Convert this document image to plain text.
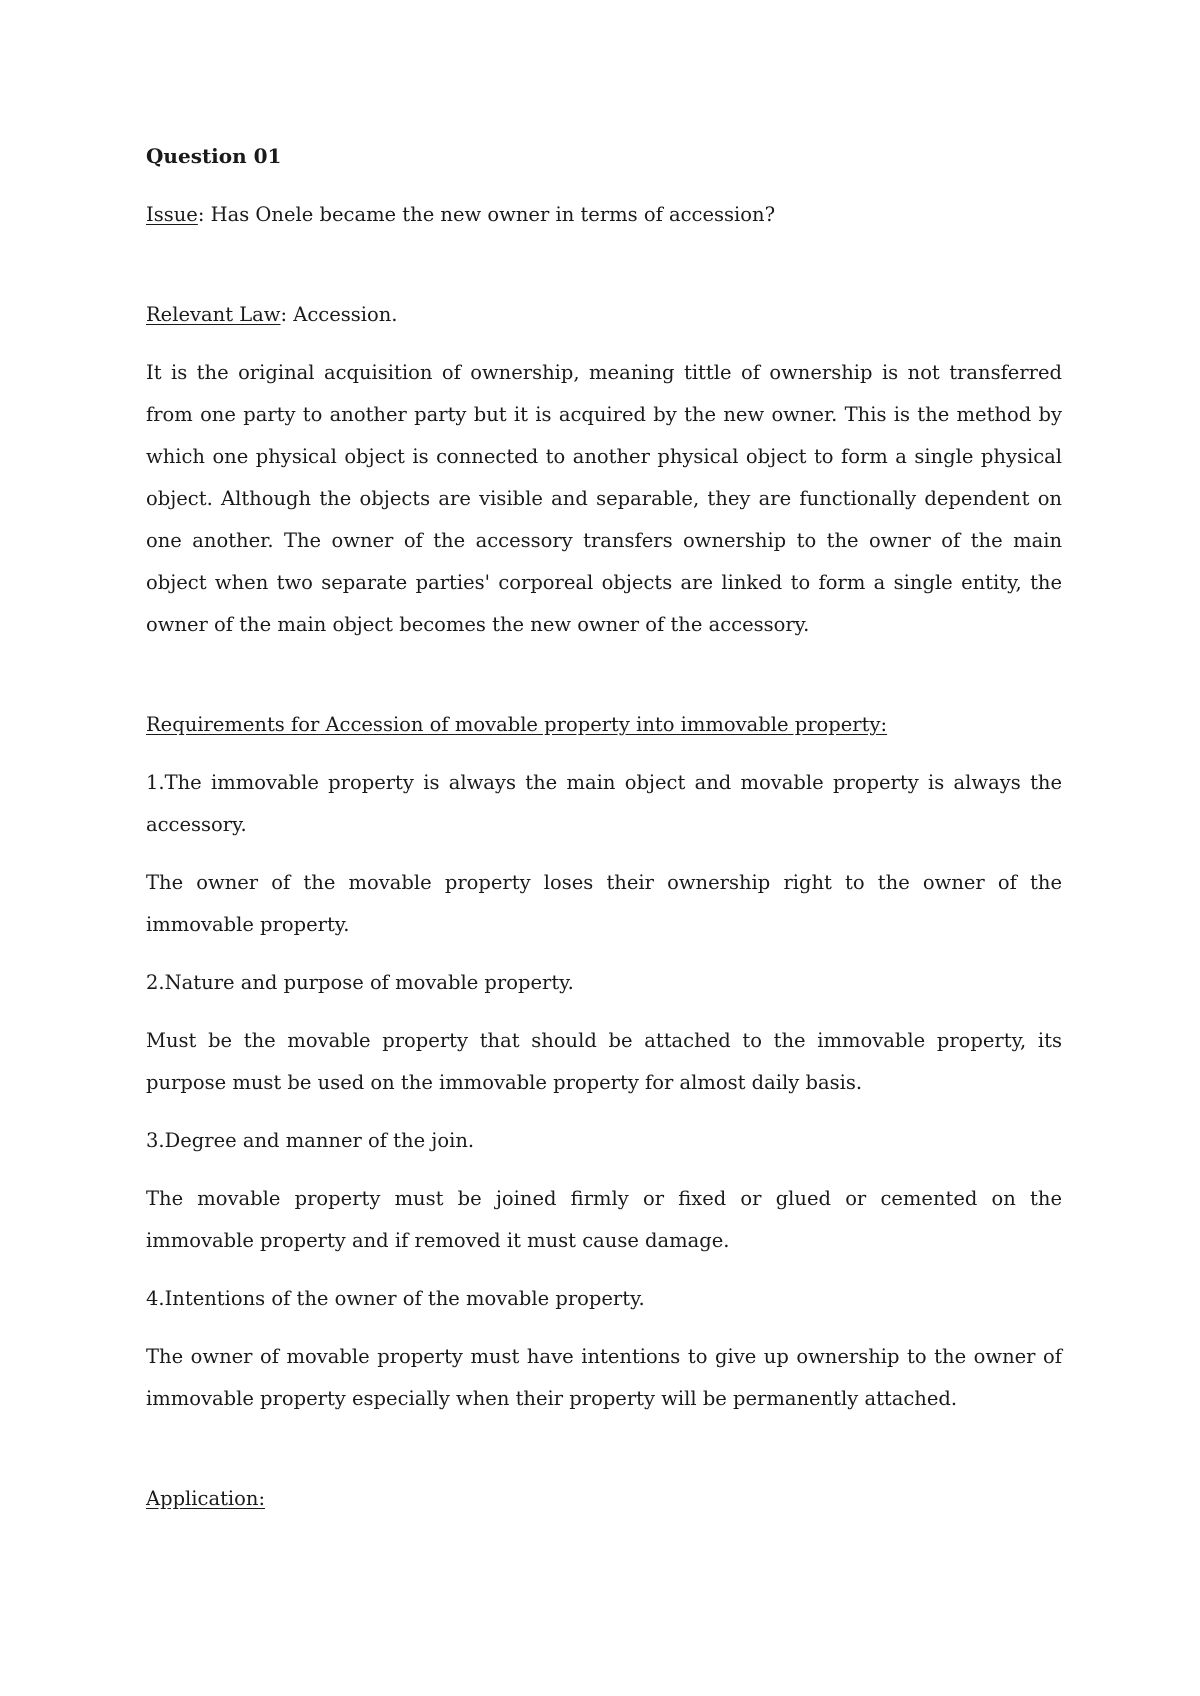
Question 01

Issue: Has Onele became the new owner in terms of accession?

Relevant Law: Accession.

It is the original acquisition of ownership, meaning tittle of ownership is not transferred from one party to another party but it is acquired by the new owner. This is the method by which one physical object is connected to another physical object to form a single physical object. Although the objects are visible and separable, they are functionally dependent on one another. The owner of the accessory transfers ownership to the owner of the main object when two separate parties' corporeal objects are linked to form a single entity, the owner of the main object becomes the new owner of the accessory.

Requirements for Accession of movable property into immovable property:

1.The immovable property is always the main object and movable property is always the accessory.

The owner of the movable property loses their ownership right to the owner of the immovable property.

2.Nature and purpose of movable property.

Must be the movable property that should be attached to the immovable property, its purpose must be used on the immovable property for almost daily basis.

3.Degree and manner of the join.

The movable property must be joined firmly or fixed or glued or cemented on the immovable property and if removed it must cause damage.

4.Intentions of the owner of the movable property.

The owner of movable property must have intentions to give up ownership to the owner of immovable property especially when their property will be permanently attached.

Application:
